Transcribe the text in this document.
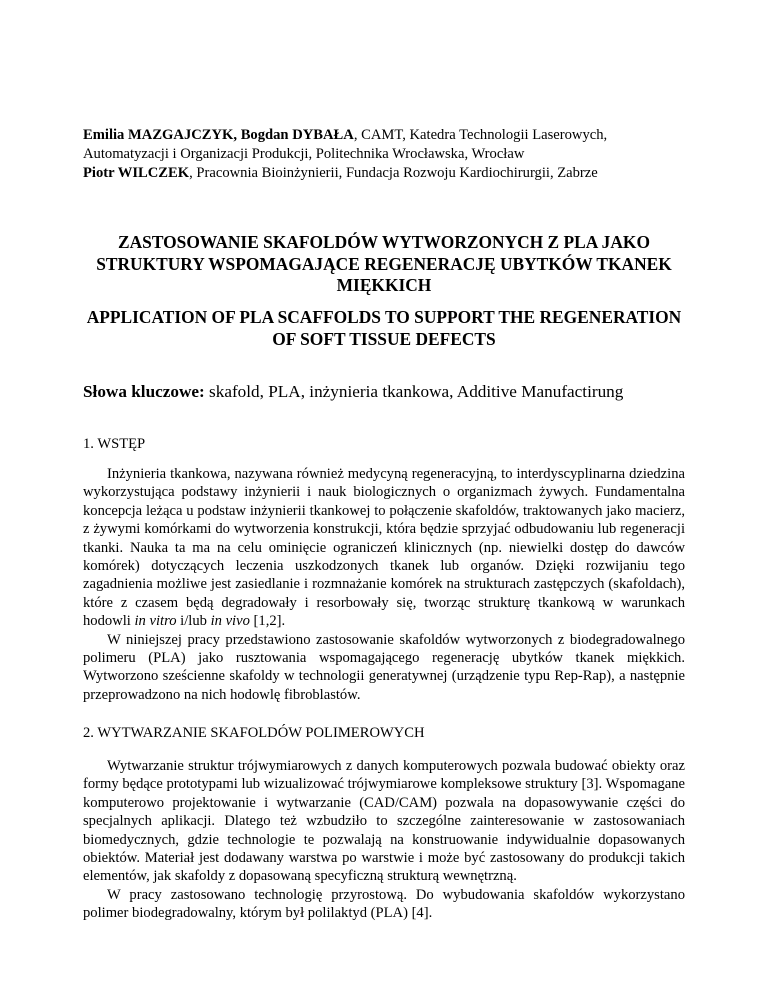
Emilia MAZGAJCZYK, Bogdan DYBAŁA, CAMT, Katedra Technologii Laserowych, Automatyzacji i Organizacji Produkcji, Politechnika Wrocławska, Wrocław
Piotr WILCZEK, Pracownia Bioinżynierii, Fundacja Rozwoju Kardiochirurgii, Zabrze
ZASTOSOWANIE SKAFOLDÓW WYTWORZONYCH Z PLA JAKO STRUKTURY WSPOMAGAJĄCE REGENERACJĘ UBYTKÓW TKANEK MIĘKKICH
APPLICATION OF PLA SCAFFOLDS TO SUPPORT THE REGENERATION OF SOFT TISSUE DEFECTS
Słowa kluczowe: skafold, PLA, inżynieria tkankowa, Additive Manufactirung
1. WSTĘP
Inżynieria tkankowa, nazywana również medycyną regeneracyjną, to interdyscyplinarna dziedzina wykorzystująca podstawy inżynierii i nauk biologicznych o organizmach żywych. Fundamentalna koncepcja leżąca u podstaw inżynierii tkankowej to połączenie skafoldów, traktowanych jako macierz, z żywymi komórkami do wytworzenia konstrukcji, która będzie sprzyjać odbudowaniu lub regeneracji tkanki. Nauka ta ma na celu ominięcie ograniczeń klinicznych (np. niewielki dostęp do dawców komórek) dotyczących leczenia uszkodzonych tkanek lub organów. Dzięki rozwijaniu tego zagadnienia możliwe jest zasiedlanie i rozmnażanie komórek na strukturach zastępczych (skafoldach), które z czasem będą degradowały i resorbowały się, tworząc strukturę tkankową w warunkach hodowli in vitro i/lub in vivo [1,2].
W niniejszej pracy przedstawiono zastosowanie skafoldów wytworzonych z biodegradowalnego polimeru (PLA) jako rusztowania wspomagającego regenerację ubytków tkanek miękkich. Wytworzono sześcienne skafoldy w technologii generatywnej (urządzenie typu Rep-Rap), a następnie przeprowadzono na nich hodowlę fibroblastów.
2. WYTWARZANIE SKAFOLDÓW POLIMEROWYCH
Wytwarzanie struktur trójwymiarowych z danych komputerowych pozwala budować obiekty oraz formy będące prototypami lub wizualizować trójwymiarowe kompleksowe struktury [3]. Wspomagane komputerowo projektowanie i wytwarzanie (CAD/CAM) pozwala na dopasowywanie części do specjalnych aplikacji. Dlatego też wzbudziło to szczególne zainteresowanie w zastosowaniach biomedycznych, gdzie technologie te pozwalają na konstruowanie indywidualnie dopasowanych obiektów. Materiał jest dodawany warstwa po warstwie i może być zastosowany do produkcji takich elementów, jak skafoldy z dopasowaną specyficzną strukturą wewnętrzną.
W pracy zastosowano technologię przyrostową. Do wybudowania skafoldów wykorzystano polimer biodegradowalny, którym był polilaktyd (PLA) [4].
